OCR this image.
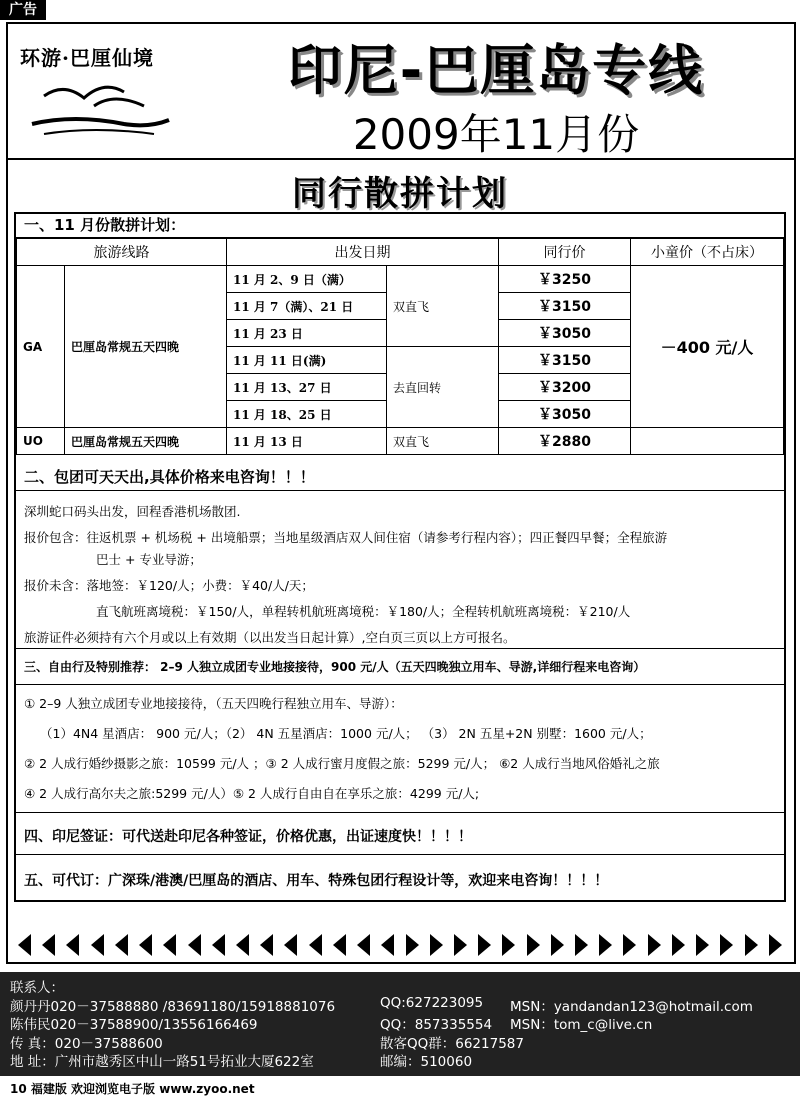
广告
环游·巴厘仙境	印尼-巴厘岛专线
2009年11月份
同行散拼计划
一、11 月份散拼计划：
旅游线路		出发日期		同行价	小童价（不占床）
GA	巴厘岛常规五天四晚	11 月 2、9 日（满）	双直飞	￥3250	－400 元/人
		11 月 7（满）、21 日		￥3150	
		11 月 23 日		￥3050	
		11 月 11 日(满)	去直回转	￥3150	
		11 月 13、27 日		￥3200	
		11 月 18、25 日		￥3050	
UO	巴厘岛常规五天四晚	11 月 13 日	双直飞	￥2880	
二、包团可天天出,具体价格来电咨询！！！
深圳蛇口码头出发，回程香港机场散团.
报价包含：往返机票 + 机场税 + 出境船票；当地星级酒店双人间住宿（请参考行程内容）；四正餐四早餐；全程旅游
巴士 + 专业导游；
报价未含：落地签：￥120/人；小费：￥40/人/天；
直飞航班离境税：￥150/人，单程转机航班离境税：￥180/人；全程转机航班离境税：￥210/人
旅游证件必须持有六个月或以上有效期（以出发当日起计算）,空白页三页以上方可报名。
三、自由行及特别推荐： 2–9 人独立成团专业地接接待，900 元/人（五天四晚独立用车、导游,详细行程来电咨询）
① 2–9 人独立成团专业地接接待，（五天四晚行程独立用车、导游）：
（1）4N4 星酒店： 900 元/人；（2） 4N 五星酒店：1000 元/人； （3） 2N 五星+2N 别墅：1600 元/人；
② 2 人成行婚纱摄影之旅：10599 元/人 ；③ 2 人成行蜜月度假之旅：5299 元/人； ⑥2 人成行当地风俗婚礼之旅
④ 2 人成行高尔夫之旅:5299 元/人）⑤ 2 人成行自由自在享乐之旅：4299 元/人;
四、印尼签证：可代送赴印尼各种签证，价格优惠，出证速度快！！！！
五、可代订：广深珠/港澳/巴厘岛的酒店、用车、特殊包团行程设计等，欢迎来电咨询！！！！
联系人：
颜丹丹020－37588880 /83691180/15918881076	QQ:627223095 MSN：yandandan123@hotmail.com
陈伟民020－37588900/13556166469	QQ：857335554 MSN：tom_c@live.cn
传 真：020－37588600	散客QQ群：66217587
地 址：广州市越秀区中山一路51号拓业大厦622室	邮编：510060
10 福建版 欢迎浏览电子版 www.zyoo.net
